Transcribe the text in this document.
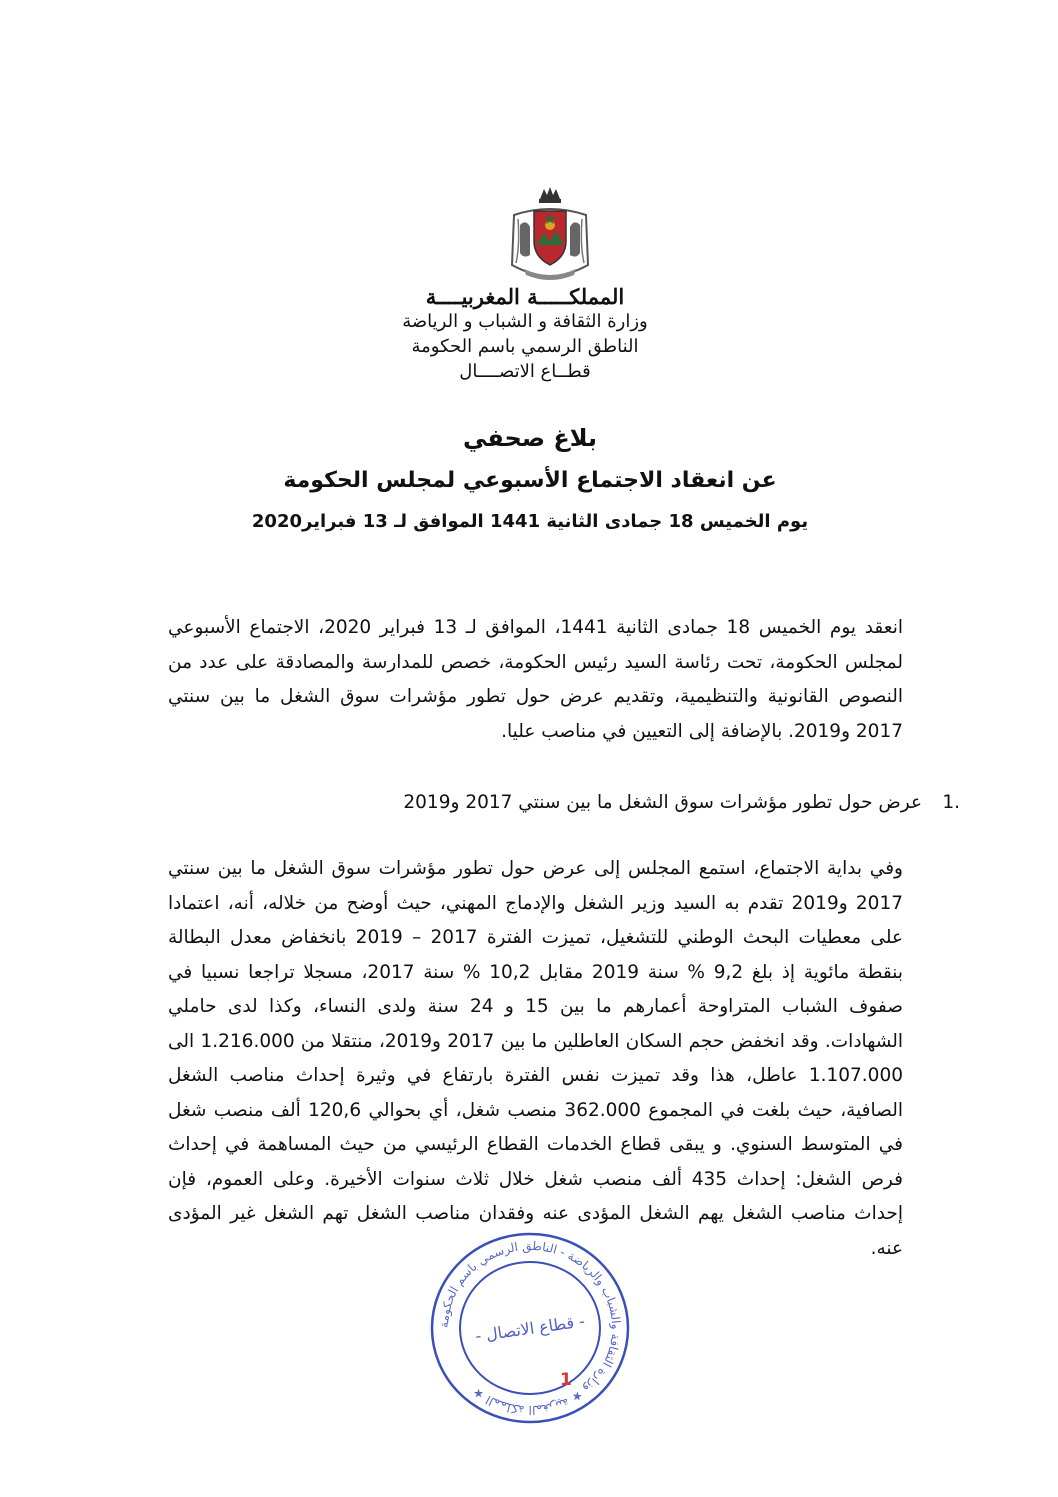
المملكـــــة المغربيــــة
وزارة الثقافة و الشباب و الرياضة
الناطق الرسمي باسم الحكومة
قطــاع الاتصــــال
بلاغ صحفي
عن انعقاد الاجتماع الأسبوعي لمجلس الحكومة
يوم الخميس 18 جمادى الثانية 1441 الموافق لـ 13 فبراير2020
انعقد يوم الخميس 18 جمادى الثانية 1441، الموافق لـ 13 فبراير 2020، الاجتماع الأسبوعي لمجلس الحكومة، تحت رئاسة السيد رئيس الحكومة، خصص للمدارسة والمصادقة على عدد من النصوص القانونية والتنظيمية، وتقديم عرض حول تطور مؤشرات سوق الشغل ما بين سنتي 2017 و2019. بالإضافة إلى التعيين في مناصب عليا.
1.
عرض حول تطور مؤشرات سوق الشغل ما بين سنتي 2017 و2019
وفي بداية الاجتماع، استمع المجلس إلى عرض حول تطور مؤشرات سوق الشغل ما بين سنتي 2017 و2019 تقدم به السيد وزير الشغل والإدماج المهني، حيث أوضح من خلاله، أنه، اعتمادا على معطيات البحث الوطني للتشغيل، تميزت الفترة 2017 – 2019 بانخفاض معدل البطالة بنقطة مائوية إذ بلغ 9,2 % سنة 2019 مقابل 10,2 % سنة 2017، مسجلا تراجعا نسبيا في صفوف الشباب المتراوحة أعمارهم ما بين 15 و 24 سنة ولدى النساء، وكذا لدى حاملي الشهادات. وقد انخفض حجم السكان العاطلين ما بين 2017 و2019، منتقلا من 1.216.000 الى 1.107.000 عاطل، هذا وقد تميزت نفس الفترة بارتفاع في وثيرة إحداث مناصب الشغل الصافية، حيث بلغت في المجموع 362.000 منصب شغل، أي بحوالي 120,6 ألف منصب شغل في المتوسط السنوي. و يبقى قطاع الخدمات القطاع الرئيسي من حيث المساهمة في إحداث فرص الشغل: إحداث 435 ألف منصب شغل خلال ثلاث سنوات الأخيرة. وعلى العموم، فإن إحداث مناصب الشغل يهم الشغل المؤدى عنه وفقدان مناصب الشغل تهم الشغل غير المؤدى عنه.
المملكة المغربية ★ وزارة الثقافة والشباب والرياضة - الناطق الرسمي باسم الحكومة ★
- قطاع الاتصال -
1
